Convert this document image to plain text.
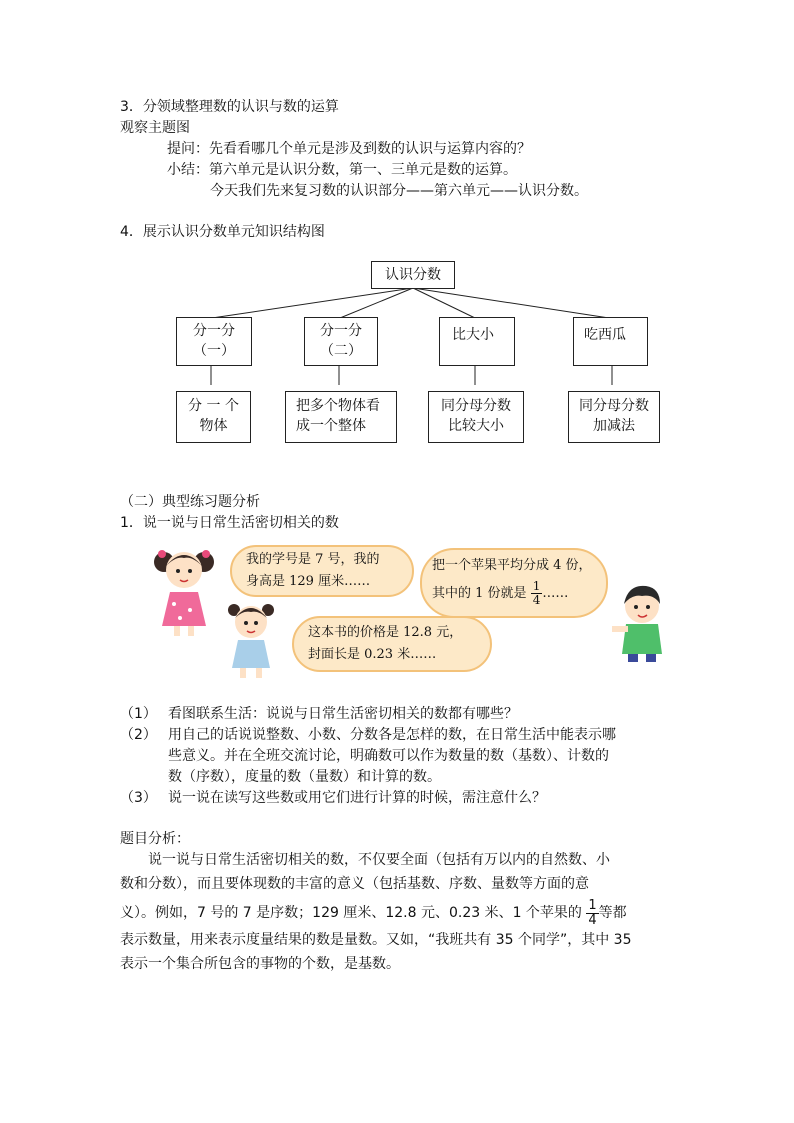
3．分领域整理数的认识与数的运算
观察主题图
提问：先看看哪几个单元是涉及到数的认识与运算内容的？
小结：第六单元是认识分数，第一、三单元是数的运算。
今天我们先来复习数的认识部分——第六单元——认识分数。
4．展示认识分数单元知识结构图
认识分数
分一分
（一）
分一分
（二）
比大小	吃西瓜
分 一 个
物体
把多个物体看
成一个整体
同分母分数
比较大小
同分母分数
加减法
（二）典型练习题分析
1．说一说与日常生活密切相关的数
我的学号是 7 号，我的
身高是 129 厘米……
把一个苹果平均分成 4 份，
其中的 1 份就是 $\frac{1}{4}$ ……
这本书的价格是 12.8 元，
封面长是 0.23 米……
（1） 看图联系生活：说说与日常生活密切相关的数都有哪些？
（2） 用自己的话说说整数、小数、分数各是怎样的数，在日常生活中能表示哪
些意义。并在全班交流讨论，明确数可以作为数量的数（基数）、计数的
数（序数），度量的数（量数）和计算的数。
（3） 说一说在读写这些数或用它们进行计算的时候，需注意什么？
题目分析：
说一说与日常生活密切相关的数，不仅要全面（包括有万以内的自然数、小
数和分数），而且要体现数的丰富的意义（包括基数、序数、量数等方面的意
义）。例如，7 号的 7 是序数；129 厘米、12.8 元、0.23 米、1 个苹果的 $\frac{1}{4}$ 等都
表示数量，用来表示度量结果的数是量数。又如，“我班共有 35 个同学”，其中 35
表示一个集合所包含的事物的个数，是基数。
